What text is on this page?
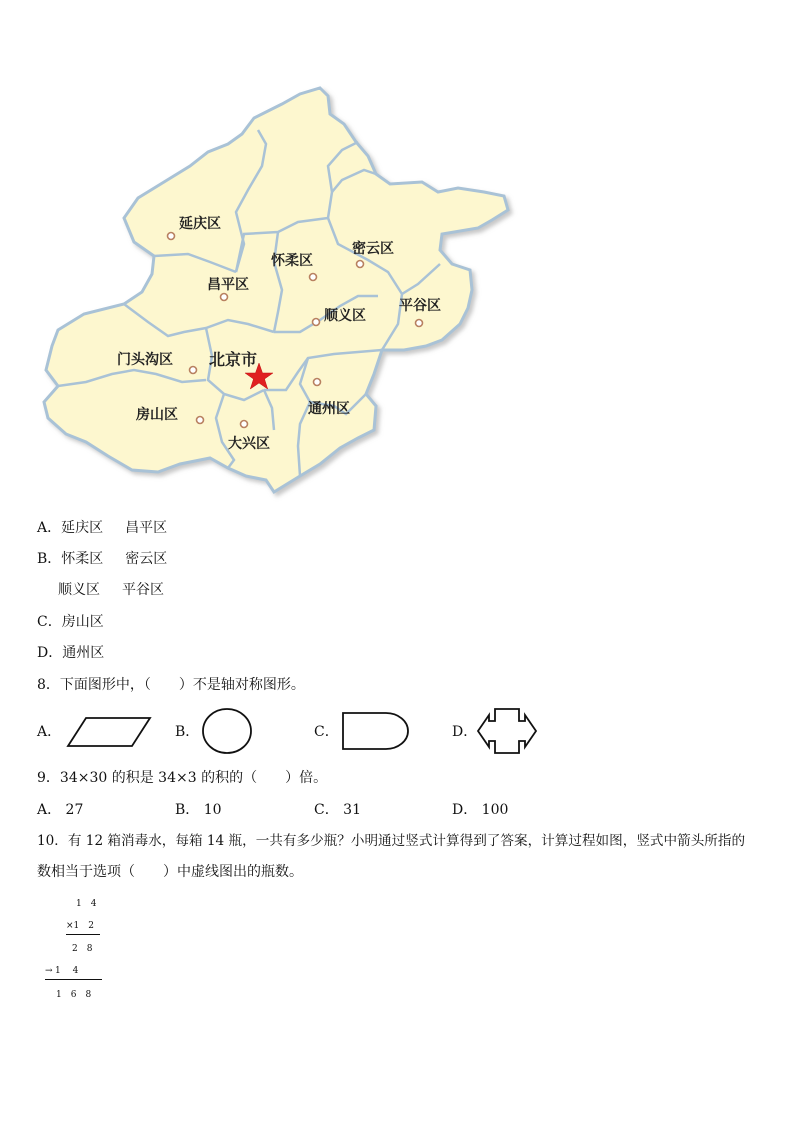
延庆区
怀柔区
密云区
昌平区
顺义区
平谷区
门头沟区 北京市
通州区
房山区
大兴区
A．延庆区 昌平区
B．怀柔区 密云区
顺义区 平谷区
C．房山区
D．通州区
8．下面图形中，（　　）不是轴对称图形。
A．	B．	C．	D．
9．34×30 的积是 34×3 的积的（　　）倍。
A． 27	B． 10	C． 31	D． 100
10．有 12 箱消毒水，每箱 14 瓶，一共有多少瓶？小明通过竖式计算得到了答案，计算过程如图，竖式中箭头所指的
数相当于选项（　　）中虚线图出的瓶数。
1　4
×1　2
2　8
→ 1　 4
1　6　8
